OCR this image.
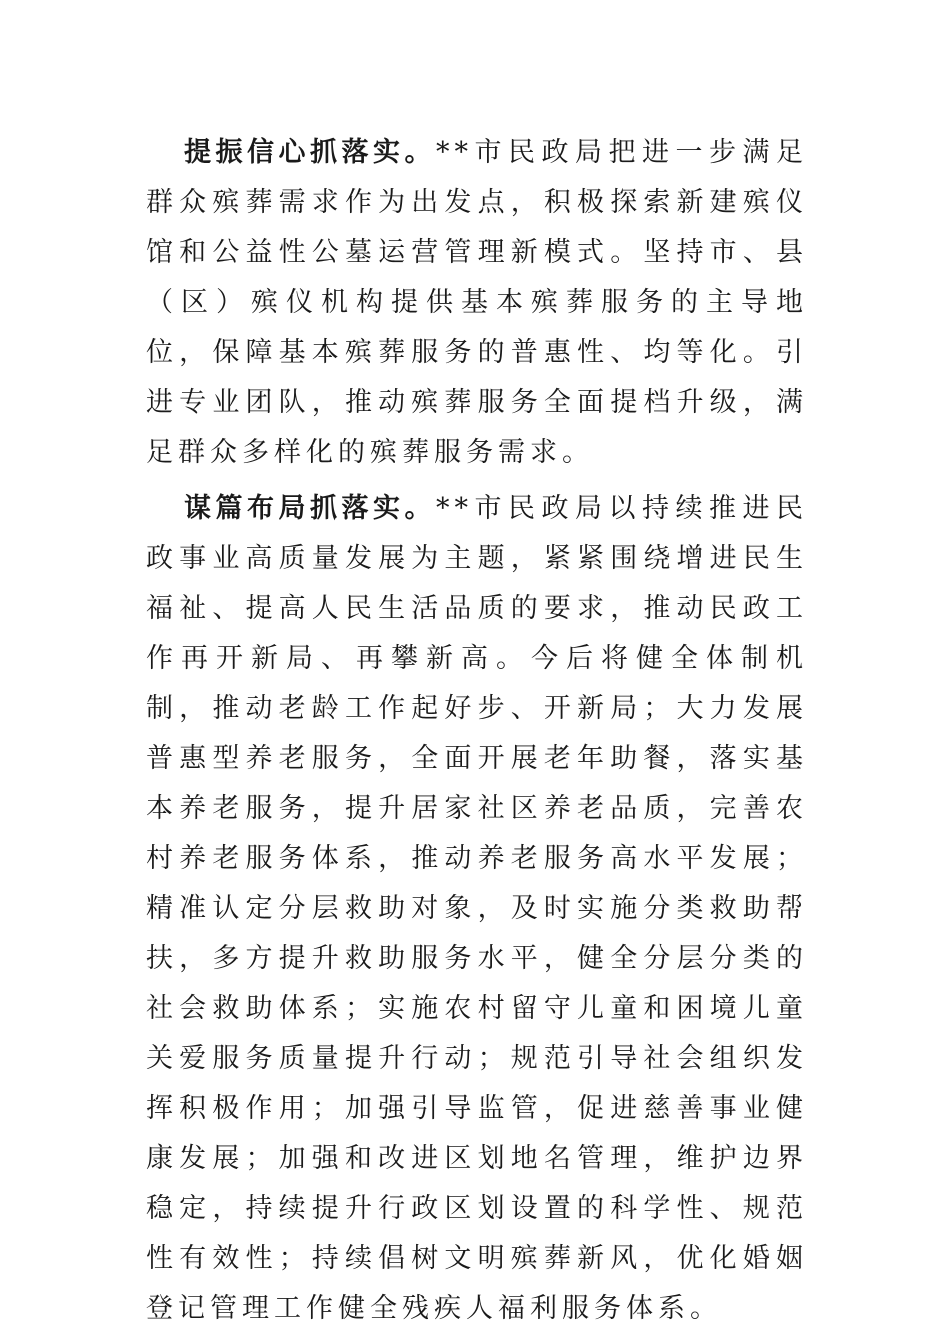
提振信心抓落实。**市民政局把进一步满足群众殡葬需求作为出发点，积极探索新建殡仪馆和公益性公墓运营管理新模式。坚持市、县（区）殡仪机构提供基本殡葬服务的主导地位，保障基本殡葬服务的普惠性、均等化。引进专业团队，推动殡葬服务全面提档升级，满足群众多样化的殡葬服务需求。

谋篇布局抓落实。**市民政局以持续推进民政事业高质量发展为主题，紧紧围绕增进民生福祉、提高人民生活品质的要求，推动民政工作再开新局、再攀新高。今后将健全体制机制，推动老龄工作起好步、开新局；大力发展普惠型养老服务，全面开展老年助餐，落实基本养老服务，提升居家社区养老品质，完善农村养老服务体系，推动养老服务高水平发展；精准认定分层救助对象，及时实施分类救助帮扶，多方提升救助服务水平，健全分层分类的社会救助体系；实施农村留守儿童和困境儿童关爱服务质量提升行动；规范引导社会组织发挥积极作用；加强引导监管，促进慈善事业健康发展；加强和改进区划地名管理，维护边界稳定，持续提升行政区划设置的科学性、规范性有效性；持续倡树文明殡葬新风，优化婚姻登记管理工作健全残疾人福利服务体系。
